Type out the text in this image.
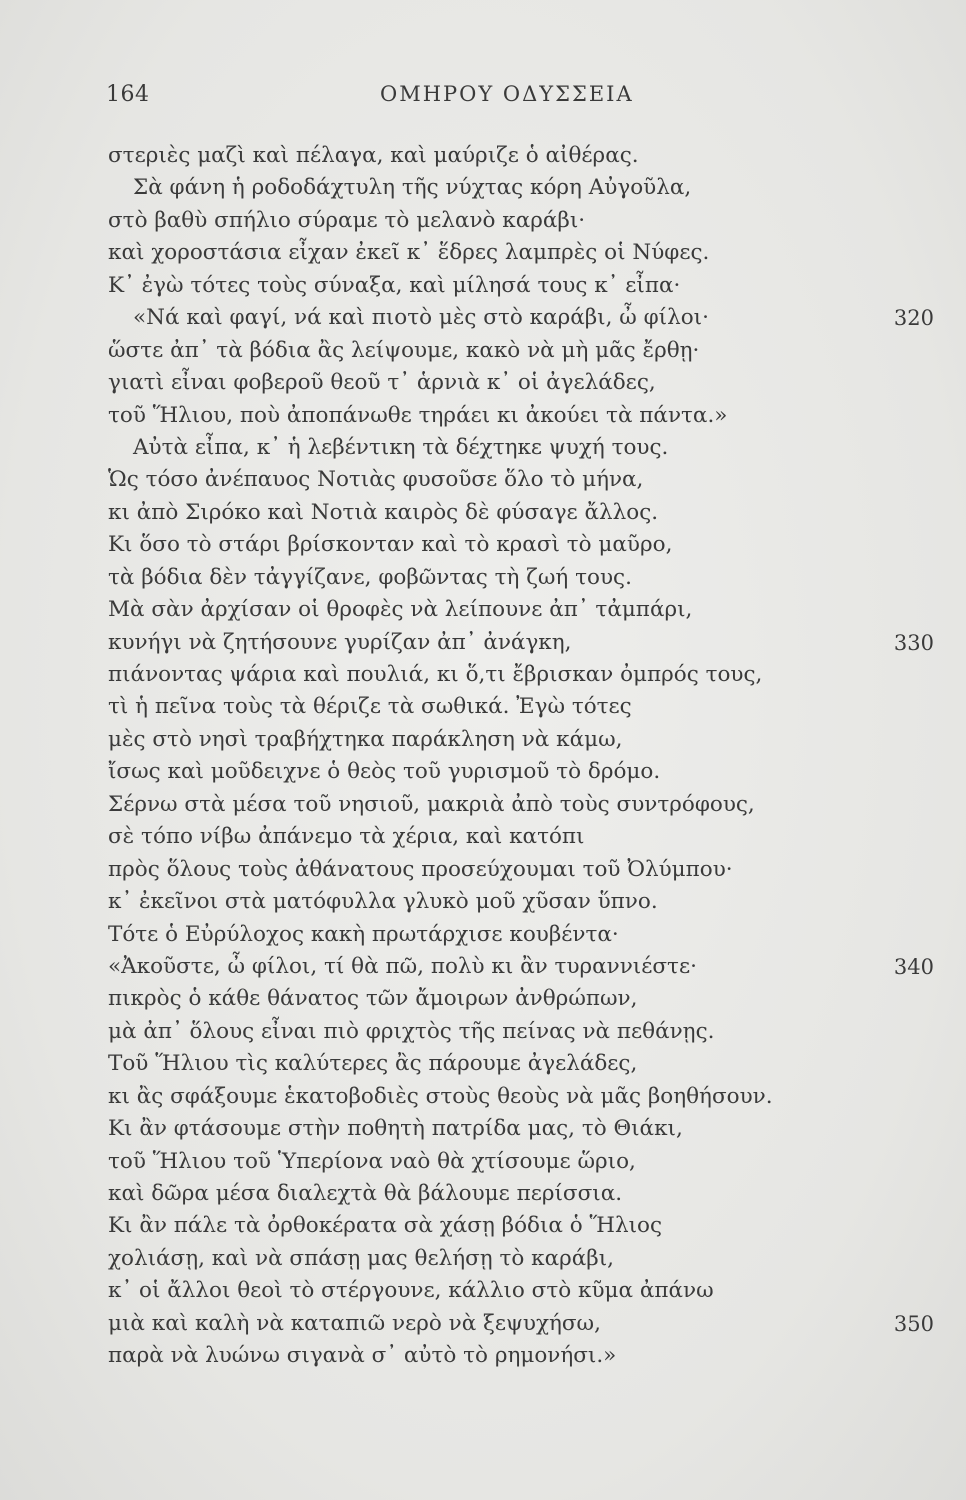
164	ΟΜΗΡΟΥ ΟΔΥΣΣΕΙΑ
στεριὲς μαζὶ καὶ πέλαγα, καὶ μαύριζε ὁ αἰθέρας.
Σὰ φάνη ἡ ροδοδάχτυλη τῆς νύχτας κόρη Αὐγοῦλα,
στὸ βαθὺ σπήλιο σύραμε τὸ μελανὸ καράβι·
καὶ χοροστάσια εἶχαν ἐκεῖ κ᾿ ἕδρες λαμπρὲς οἱ Νύφες.
Κ᾿ ἐγὼ τότες τοὺς σύναξα, καὶ μίλησά τους κ᾿ εἶπα·
«Νά καὶ φαγί, νά καὶ πιοτὸ μὲς στὸ καράβι, ὦ φίλοι·	320
ὥστε ἀπ᾿ τὰ βόδια ἂς λείψουμε, κακὸ νὰ μὴ μᾶς ἔρθῃ·
γιατὶ εἶναι φοβεροῦ θεοῦ τ᾿ ἁρνιὰ κ᾿ οἱ ἀγελάδες,
τοῦ Ἥλιου, ποὺ ἀποπάνωθε τηράει κι ἀκούει τὰ πάντα.»
Αὐτὰ εἶπα, κ᾿ ἡ λεβέντικη τὰ δέχτηκε ψυχή τους.
Ὡς τόσο ἀνέπαυος Νοτιὰς φυσοῦσε ὅλο τὸ μήνα,
κι ἀπὸ Σιρόκο καὶ Νοτιὰ καιρὸς δὲ φύσαγε ἄλλος.
Κι ὅσο τὸ στάρι βρίσκονταν καὶ τὸ κρασὶ τὸ μαῦρο,
τὰ βόδια δὲν τἀγγίζανε, φοβῶντας τὴ ζωή τους.
Μὰ σὰν ἀρχίσαν οἱ θροφὲς νὰ λείπουνε ἀπ᾿ τἀμπάρι,
κυνήγι νὰ ζητήσουνε γυρίζαν ἀπ᾿ ἀνάγκη,	330
πιάνοντας ψάρια καὶ πουλιά, κι ὅ,τι ἔβρισκαν ὀμπρός τους,
τὶ ἡ πεῖνα τοὺς τὰ θέριζε τὰ σωθικά. Ἐγὼ τότες
μὲς στὸ νησὶ τραβήχτηκα παράκληση νὰ κάμω,
ἴσως καὶ μοῦδειχνε ὁ θεὸς τοῦ γυρισμοῦ τὸ δρόμο.
Σέρνω στὰ μέσα τοῦ νησιοῦ, μακριὰ ἀπὸ τοὺς συντρόφους,
σὲ τόπο νίβω ἀπάνεμο τὰ χέρια, καὶ κατόπι
πρὸς ὅλους τοὺς ἀθάνατους προσεύχουμαι τοῦ Ὀλύμπου·
κ᾿ ἐκεῖνοι στὰ ματόφυλλα γλυκὸ μοῦ χῦσαν ὕπνο.
Τότε ὁ Εὐρύλοχος κακὴ πρωτάρχισε κουβέντα·
«Ἀκοῦστε, ὦ φίλοι, τί θὰ πῶ, πολὺ κι ἂν τυραννιέστε·	340
πικρὸς ὁ κάθε θάνατος τῶν ἄμοιρων ἀνθρώπων,
μὰ ἀπ᾿ ὅλους εἶναι πιὸ φριχτὸς τῆς πείνας νὰ πεθάνῃς.
Τοῦ Ἥλιου τὶς καλύτερες ἂς πάρουμε ἀγελάδες,
κι ἂς σφάξουμε ἑκατοβοδιὲς στοὺς θεοὺς νὰ μᾶς βοηθήσουν.
Κι ἂν φτάσουμε στὴν ποθητὴ πατρίδα μας, τὸ Θιάκι,
τοῦ Ἥλιου τοῦ Ὑπερίονα ναὸ θὰ χτίσουμε ὥριο,
καὶ δῶρα μέσα διαλεχτὰ θὰ βάλουμε περίσσια.
Κι ἂν πάλε τὰ ὀρθοκέρατα σὰ χάσῃ βόδια ὁ Ἥλιος
χολιάσῃ, καὶ νὰ σπάσῃ μας θελήσῃ τὸ καράβι,
κ᾿ οἱ ἄλλοι θεοὶ τὸ στέργουνε, κάλλιο στὸ κῦμα ἀπάνω
μιὰ καὶ καλὴ νὰ καταπιῶ νερὸ νὰ ξεψυχήσω,	350
παρὰ νὰ λυώνω σιγανὰ σ᾿ αὐτὸ τὸ ρημονήσι.»
